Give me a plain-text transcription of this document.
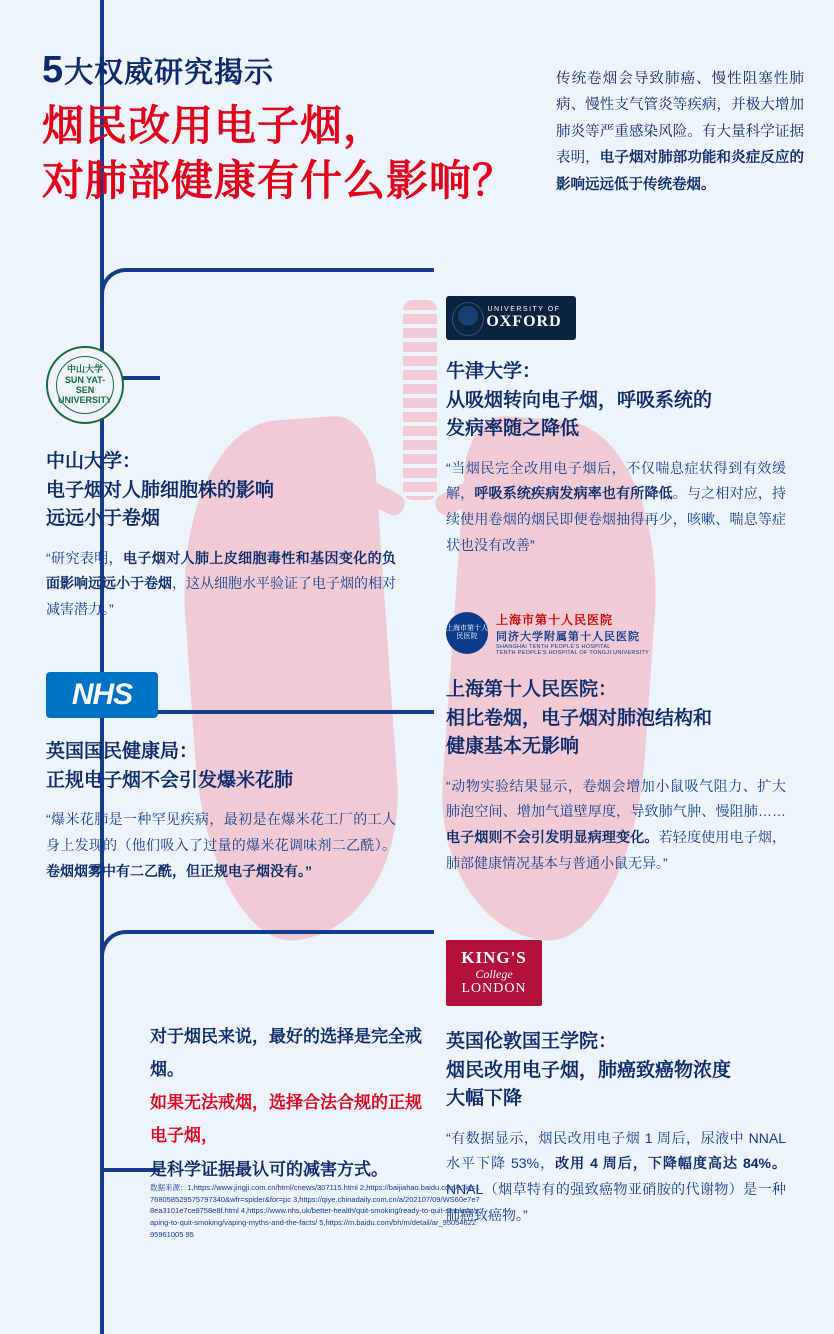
5大权威研究揭示
烟民改用电子烟，
对肺部健康有什么影响？
传统卷烟会导致肺癌、慢性阻塞性肺病、慢性支气管炎等疾病，并极大增加肺炎等严重感染风险。有大量科学证据表明，电子烟对肺部功能和炎症反应的影响远远低于传统卷烟。
中山大学 SUN YAT-SEN UNIVERSITY
中山大学：
电子烟对人肺细胞株的影响
远远小于卷烟
“研究表明，电子烟对人肺上皮细胞毒性和基因变化的负面影响远远小于卷烟，这从细胞水平验证了电子烟的相对减害潜力。”
UNIVERSITY OF
OXFORD
牛津大学：
从吸烟转向电子烟，呼吸系统的
发病率随之降低
“当烟民完全改用电子烟后，不仅喘息症状得到有效缓解，呼吸系统疾病发病率也有所降低。与之相对应，持续使用卷烟的烟民即便卷烟抽得再少，咳嗽、喘息等症状也没有改善”
NHS
英国国民健康局：
正规电子烟不会引发爆米花肺
“爆米花肺是一种罕见疾病，最初是在爆米花工厂的工人身上发现的（他们吸入了过量的爆米花调味剂二乙酰）。卷烟烟雾中有二乙酰，但正规电子烟没有。”
上海市第十人民医院
上海市第十人民医院
同济大学附属第十人民医院
SHANGHAI TENTH PEOPLE'S HOSPITAL
TENTH PEOPLE'S HOSPITAL OF TONGJI UNIVERSITY
上海第十人民医院：
相比卷烟，电子烟对肺泡结构和
健康基本无影响
“动物实验结果显示，卷烟会增加小鼠吸气阻力、扩大肺泡空间、增加气道壁厚度，导致肺气肿、慢阻肺……电子烟则不会引发明显病理变化。若轻度使用电子烟，肺部健康情况基本与普通小鼠无异。”
KING'S
College
LONDON
英国伦敦国王学院：
烟民改用电子烟，肺癌致癌物浓度
大幅下降
“有数据显示，烟民改用电子烟 1 周后，尿液中 NNAL 水平下降 53%，改用 4 周后，下降幅度高达 84%。NNAL（烟草特有的强致癌物亚硝胺的代谢物）是一种肺癌致癌物。”
对于烟民来说，最好的选择是完全戒烟。
如果无法戒烟，选择合法合规的正规电子烟，
是科学证据最认可的减害方式。
数据来源：1,https://www.jingji.com.cn/html/cnews/307115.html 2,https://baijiahao.baidu.com/s?id=1768058529575797340&wfr=spider&for=pc 3,https://qiye.chinadaily.com.cn/a/202107/09/WS60e7e78ea3101e7ce9758e8f.html 4,https://www.nhs.uk/better-health/quit-smoking/ready-to-quit-smoking/vaping-to-quit-smoking/vaping-myths-and-the-facts/ 5,https://m.baidu.com/bh/m/detail/ar_9505462295961005 95
